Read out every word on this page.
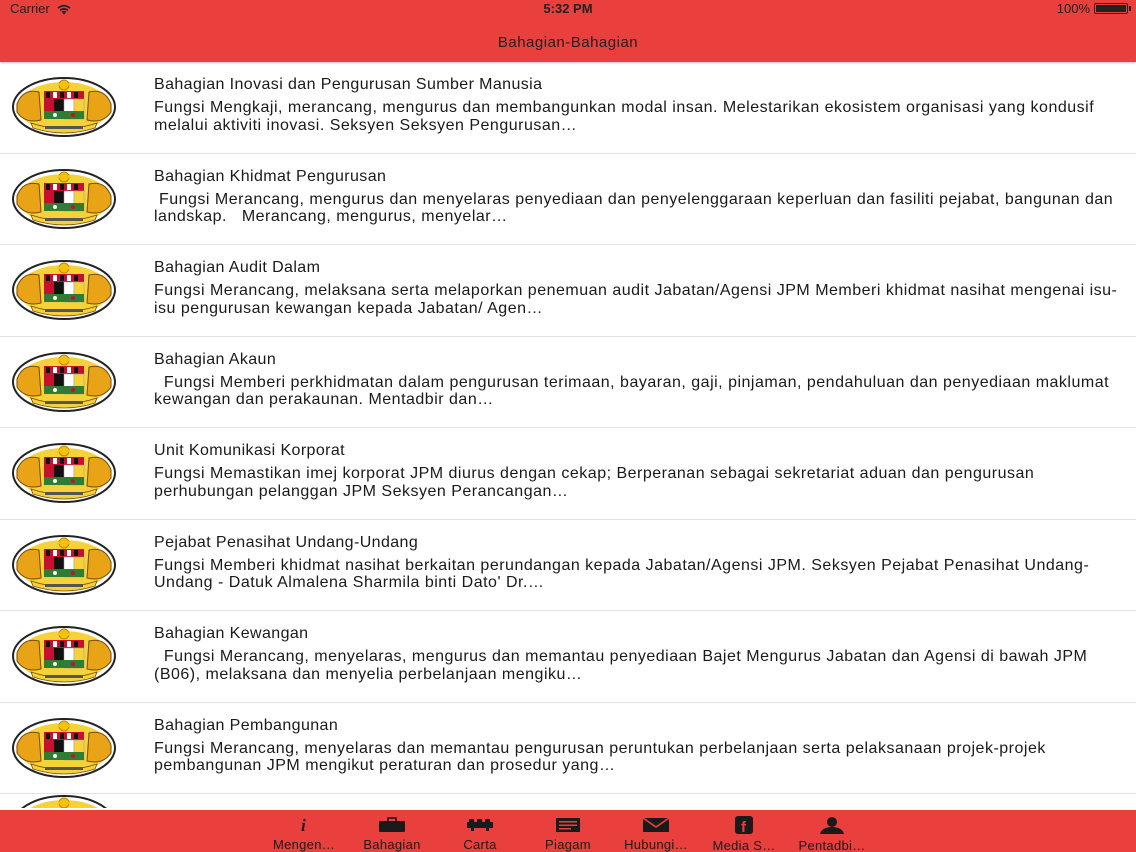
Carrier	5:32 PM	100%
Bahagian-Bahagian
Bahagian Inovasi dan Pengurusan Sumber Manusia
Fungsi Mengkaji, merancang, mengurus dan membangunkan modal insan. Melestarikan ekosistem organisasi yang kondusif melalui aktiviti inovasi. Seksyen Seksyen Pengurusan…
Bahagian Khidmat Pengurusan
Fungsi Merancang, mengurus dan menyelaras penyediaan dan penyelenggaraan keperluan dan fasiliti pejabat, bangunan dan landskap.   Merancang, mengurus, menyelar…
Bahagian Audit Dalam
Fungsi Merancang, melaksana serta melaporkan penemuan audit Jabatan/Agensi JPM Memberi khidmat nasihat mengenai isu-isu pengurusan kewangan kepada Jabatan/ Agen…
Bahagian Akaun
Fungsi Memberi perkhidmatan dalam pengurusan terimaan, bayaran, gaji, pinjaman, pendahuluan dan penyediaan maklumat kewangan dan perakaunan. Mentadbir dan…
Unit Komunikasi Korporat
Fungsi Memastikan imej korporat JPM diurus dengan cekap; Berperanan sebagai sekretariat aduan dan pengurusan perhubungan pelanggan JPM Seksyen Perancangan…
Pejabat Penasihat Undang-Undang
Fungsi Memberi khidmat nasihat berkaitan perundangan kepada Jabatan/Agensi JPM. Seksyen Pejabat Penasihat Undang-Undang - Datuk Almalena Sharmila binti Dato' Dr.…
Bahagian Kewangan
Fungsi Merancang, menyelaras, mengurus dan memantau penyediaan Bajet Mengurus Jabatan dan Agensi di bawah JPM (B06), melaksana dan menyelia perbelanjaan mengiku…
Bahagian Pembangunan
Fungsi Merancang, menyelaras dan memantau pengurusan peruntukan perbelanjaan serta pelaksanaan projek-projek pembangunan JPM mengikut peraturan dan prosedur yang…
i
Mengen… Bahagian	Carta	Piagam	Hubungi…
f
Media S… Pentadbi…
